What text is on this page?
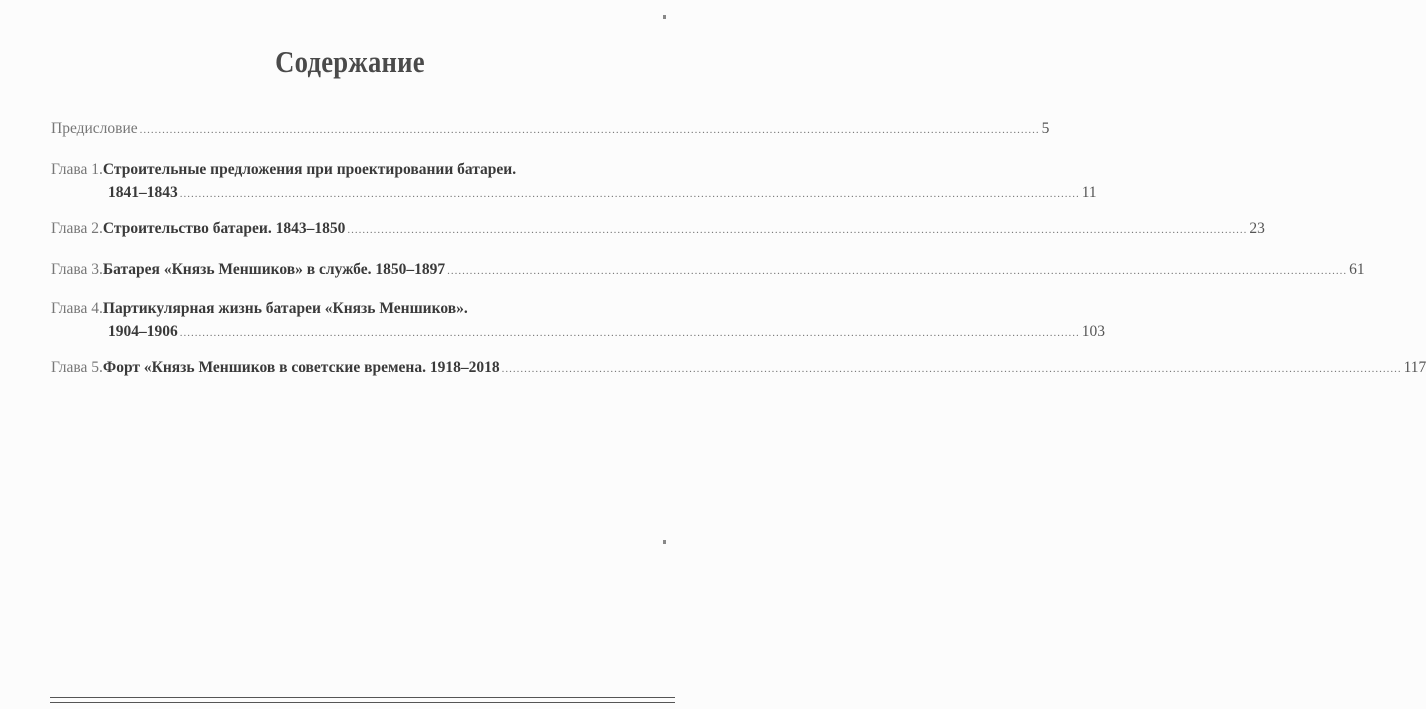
Содержание
Предисловие .....	5
Глава 1. Строительные предложения при проектировании батареи.
1841–1843 .....	11
Глава 2. Строительство батареи. 1843–1850 .....	23
Глава 3. Батарея «Князь Меншиков» в службе. 1850–1897 .....	61
Глава 4. Партикулярная жизнь батареи «Князь Меншиков».
1904–1906 .....	103
Глава 5. Форт «Князь Меншиков в советские времена. 1918–2018 .....	117
